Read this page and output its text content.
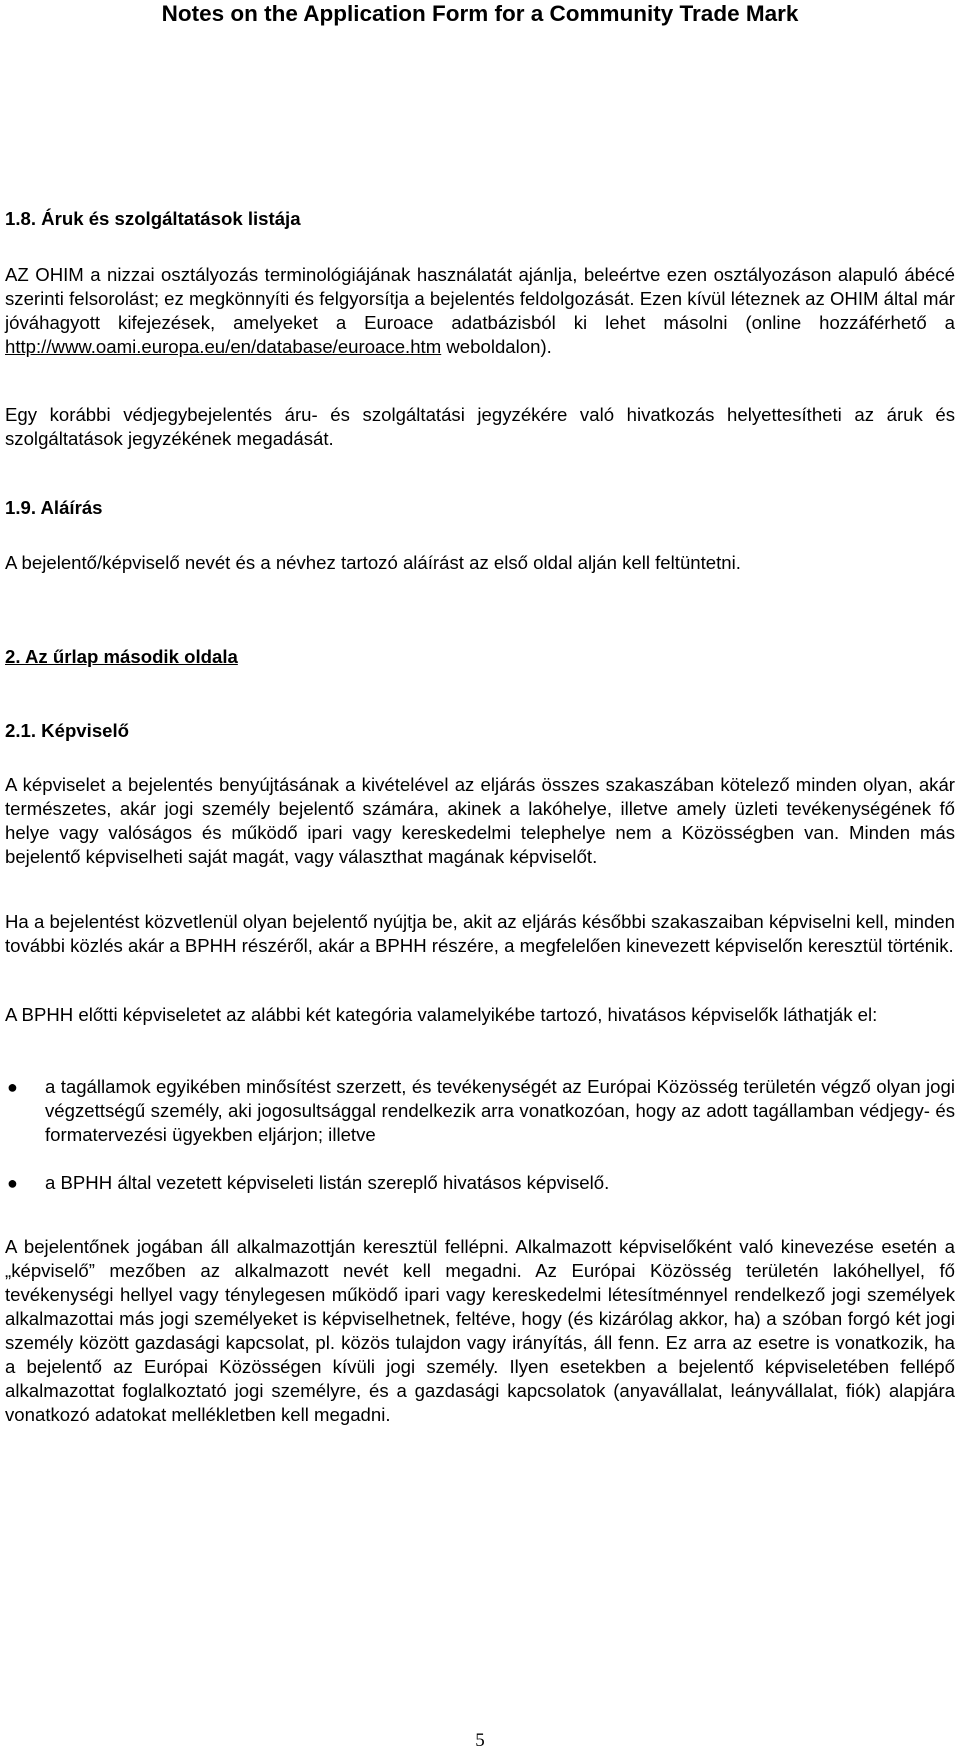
Notes on the Application Form for a Community Trade Mark
1.8. Áruk és szolgáltatások listája

AZ OHIM a nizzai osztályozás terminológiájának használatát ajánlja, beleértve ezen osztályozáson alapuló ábécé szerinti felsorolást; ez megkönnyíti és felgyorsítja a bejelentés feldolgozását. Ezen kívül léteznek az OHIM által már jóváhagyott kifejezések, amelyeket a Euroace adatbázisból ki lehet másolni (online hozzáférhető a http://www.oami.europa.eu/en/database/euroace.htm weboldalon).

Egy korábbi védjegybejelentés áru- és szolgáltatási jegyzékére való hivatkozás helyettesítheti az áruk és szolgáltatások jegyzékének megadását.

1.9. Aláírás

A bejelentő/képviselő nevét és a névhez tartozó aláírást az első oldal alján kell feltüntetni.

2. Az űrlap második oldala
2.1. Képviselő

A képviselet a bejelentés benyújtásának a kivételével az eljárás összes szakaszában kötelező minden olyan, akár természetes, akár jogi személy bejelentő számára, akinek a lakóhelye, illetve amely üzleti tevékenységének fő helye vagy valóságos és működő ipari vagy kereskedelmi telephelye nem a Közösségben van. Minden más bejelentő képviselheti saját magát, vagy választhat magának képviselőt.

Ha a bejelentést közvetlenül olyan bejelentő nyújtja be, akit az eljárás későbbi szakaszaiban képviselni kell, minden további közlés akár a BPHH részéről, akár a BPHH részére, a megfelelően kinevezett képviselőn keresztül történik.

A BPHH előtti képviseletet az alábbi két kategória valamelyikébe tartozó, hivatásos képviselők láthatják el:

● a tagállamok egyikében minősítést szerzett, és tevékenységét az Európai Közösség területén végző olyan jogi végzettségű személy, aki jogosultsággal rendelkezik arra vonatkozóan, hogy az adott tagállamban védjegy- és formatervezési ügyekben eljárjon; illetve
● a BPHH által vezetett képviseleti listán szereplő hivatásos képviselő.

A bejelentőnek jogában áll alkalmazottján keresztül fellépni. Alkalmazott képviselőként való kinevezése esetén a „képviselő” mezőben az alkalmazott nevét kell megadni. Az Európai Közösség területén lakóhellyel, fő tevékenységi hellyel vagy ténylegesen működő ipari vagy kereskedelmi létesítménnyel rendelkező jogi személyek alkalmazottai más jogi személyeket is képviselhetnek, feltéve, hogy (és kizárólag akkor, ha) a szóban forgó két jogi személy között gazdasági kapcsolat, pl. közös tulajdon vagy irányítás, áll fenn. Ez arra az esetre is vonatkozik, ha a bejelentő az Európai Közösségen kívüli jogi személy. Ilyen esetekben a bejelentő képviseletében fellépő alkalmazottat foglalkoztató jogi személyre, és a gazdasági kapcsolatok (anyavállalat, leányvállalat, fiók) alapjára vonatkozó adatokat mellékletben kell megadni.

5
